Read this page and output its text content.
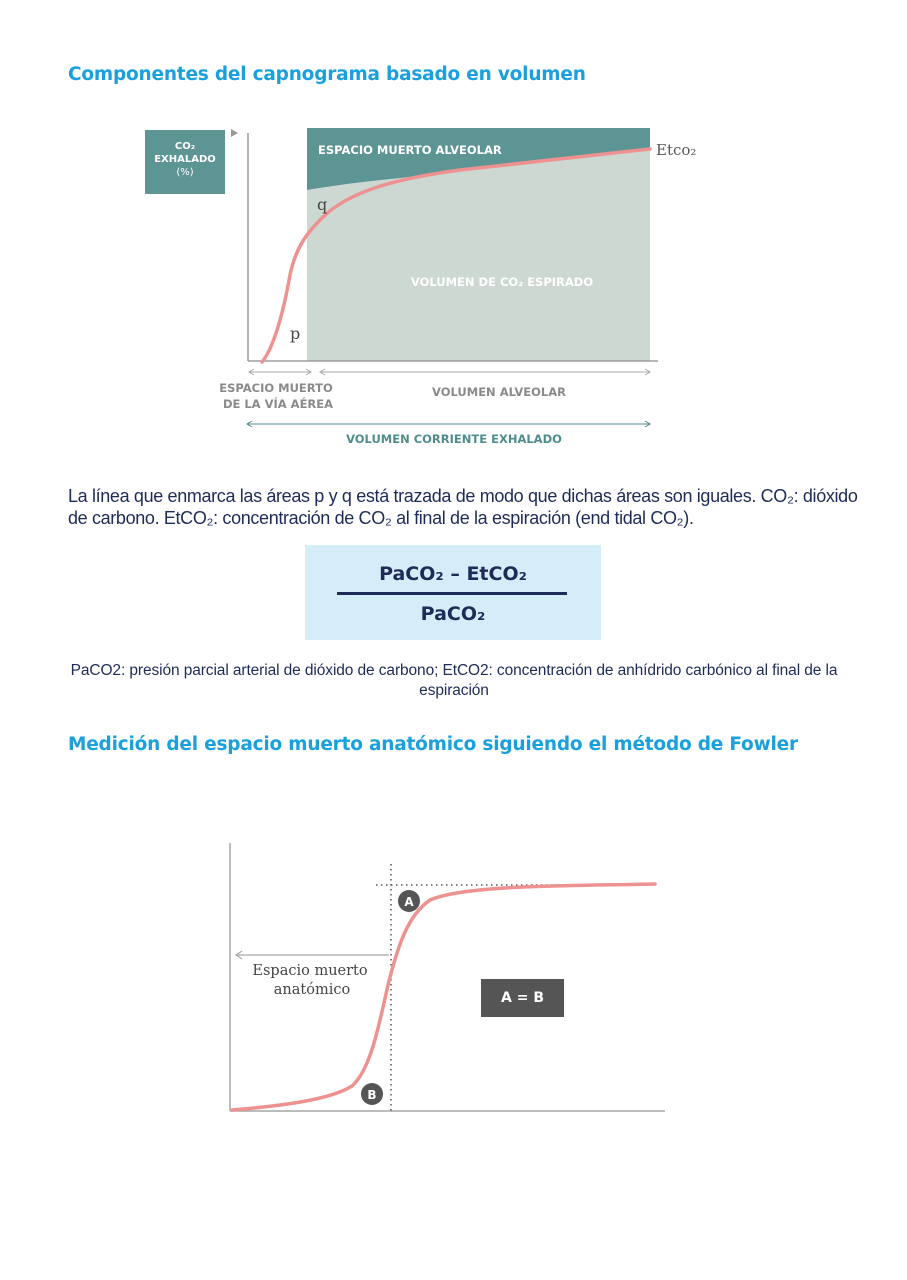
Componentes del capnograma basado en volumen
CO₂
EXHALADO
(%)
ESPACIO MUERTO ALVEOLAR
VOLUMEN DE CO₂ ESPIRADO
Etco₂
q
p
ESPACIO MUERTO
DE LA VÍA AÉREA
VOLUMEN ALVEOLAR
VOLUMEN CORRIENTE EXHALADO

La línea que enmarca las áreas p y q está trazada de modo que dichas áreas son iguales. CO₂: dióxido de carbono. EtCO₂: concentración de CO₂ al final de la espiración (end tidal CO₂).

PaCO₂ – EtCO₂
PaCO₂

PaCO2: presión parcial arterial de dióxido de carbono; EtCO2: concentración de anhídrido carbónico al final de la espiración

Medición del espacio muerto anatómico siguiendo el método de Fowler
Espacio muerto
anatómico
A
B
A = B
